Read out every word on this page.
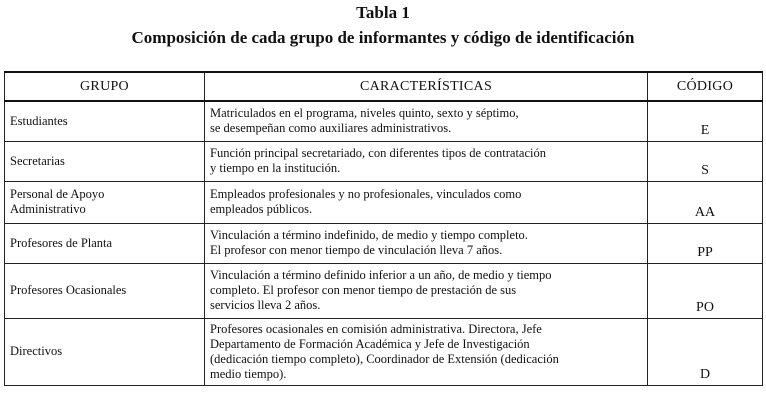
Tabla 1
Composición de cada grupo de informantes y código de identificación
GRUPO	CARACTERÍSTICAS	CÓDIGO

Estudiantes	Matriculados en el programa, niveles quinto, sexto y séptimo,
se desempeñan como auxiliares administrativos.	E

Secretarias	Función principal secretariado, con diferentes tipos de contratación
y tiempo en la institución.	S

Personal de Apoyo
Administrativo	Empleados profesionales y no profesionales, vinculados como
empleados públicos.	AA

Profesores de Planta	Vinculación a término indefinido, de medio y tiempo completo.
El profesor con menor tiempo de vinculación lleva 7 años.	PP

Profesores Ocasionales	Vinculación a término definido inferior a un año, de medio y tiempo
completo. El profesor con menor tiempo de prestación de sus
servicios lleva 2 años.	PO

Directivos	Profesores ocasionales en comisión administrativa. Directora, Jefe
Departamento de Formación Académica y Jefe de Investigación
(dedicación tiempo completo), Coordinador de Extensión (dedicación
medio tiempo).	D
